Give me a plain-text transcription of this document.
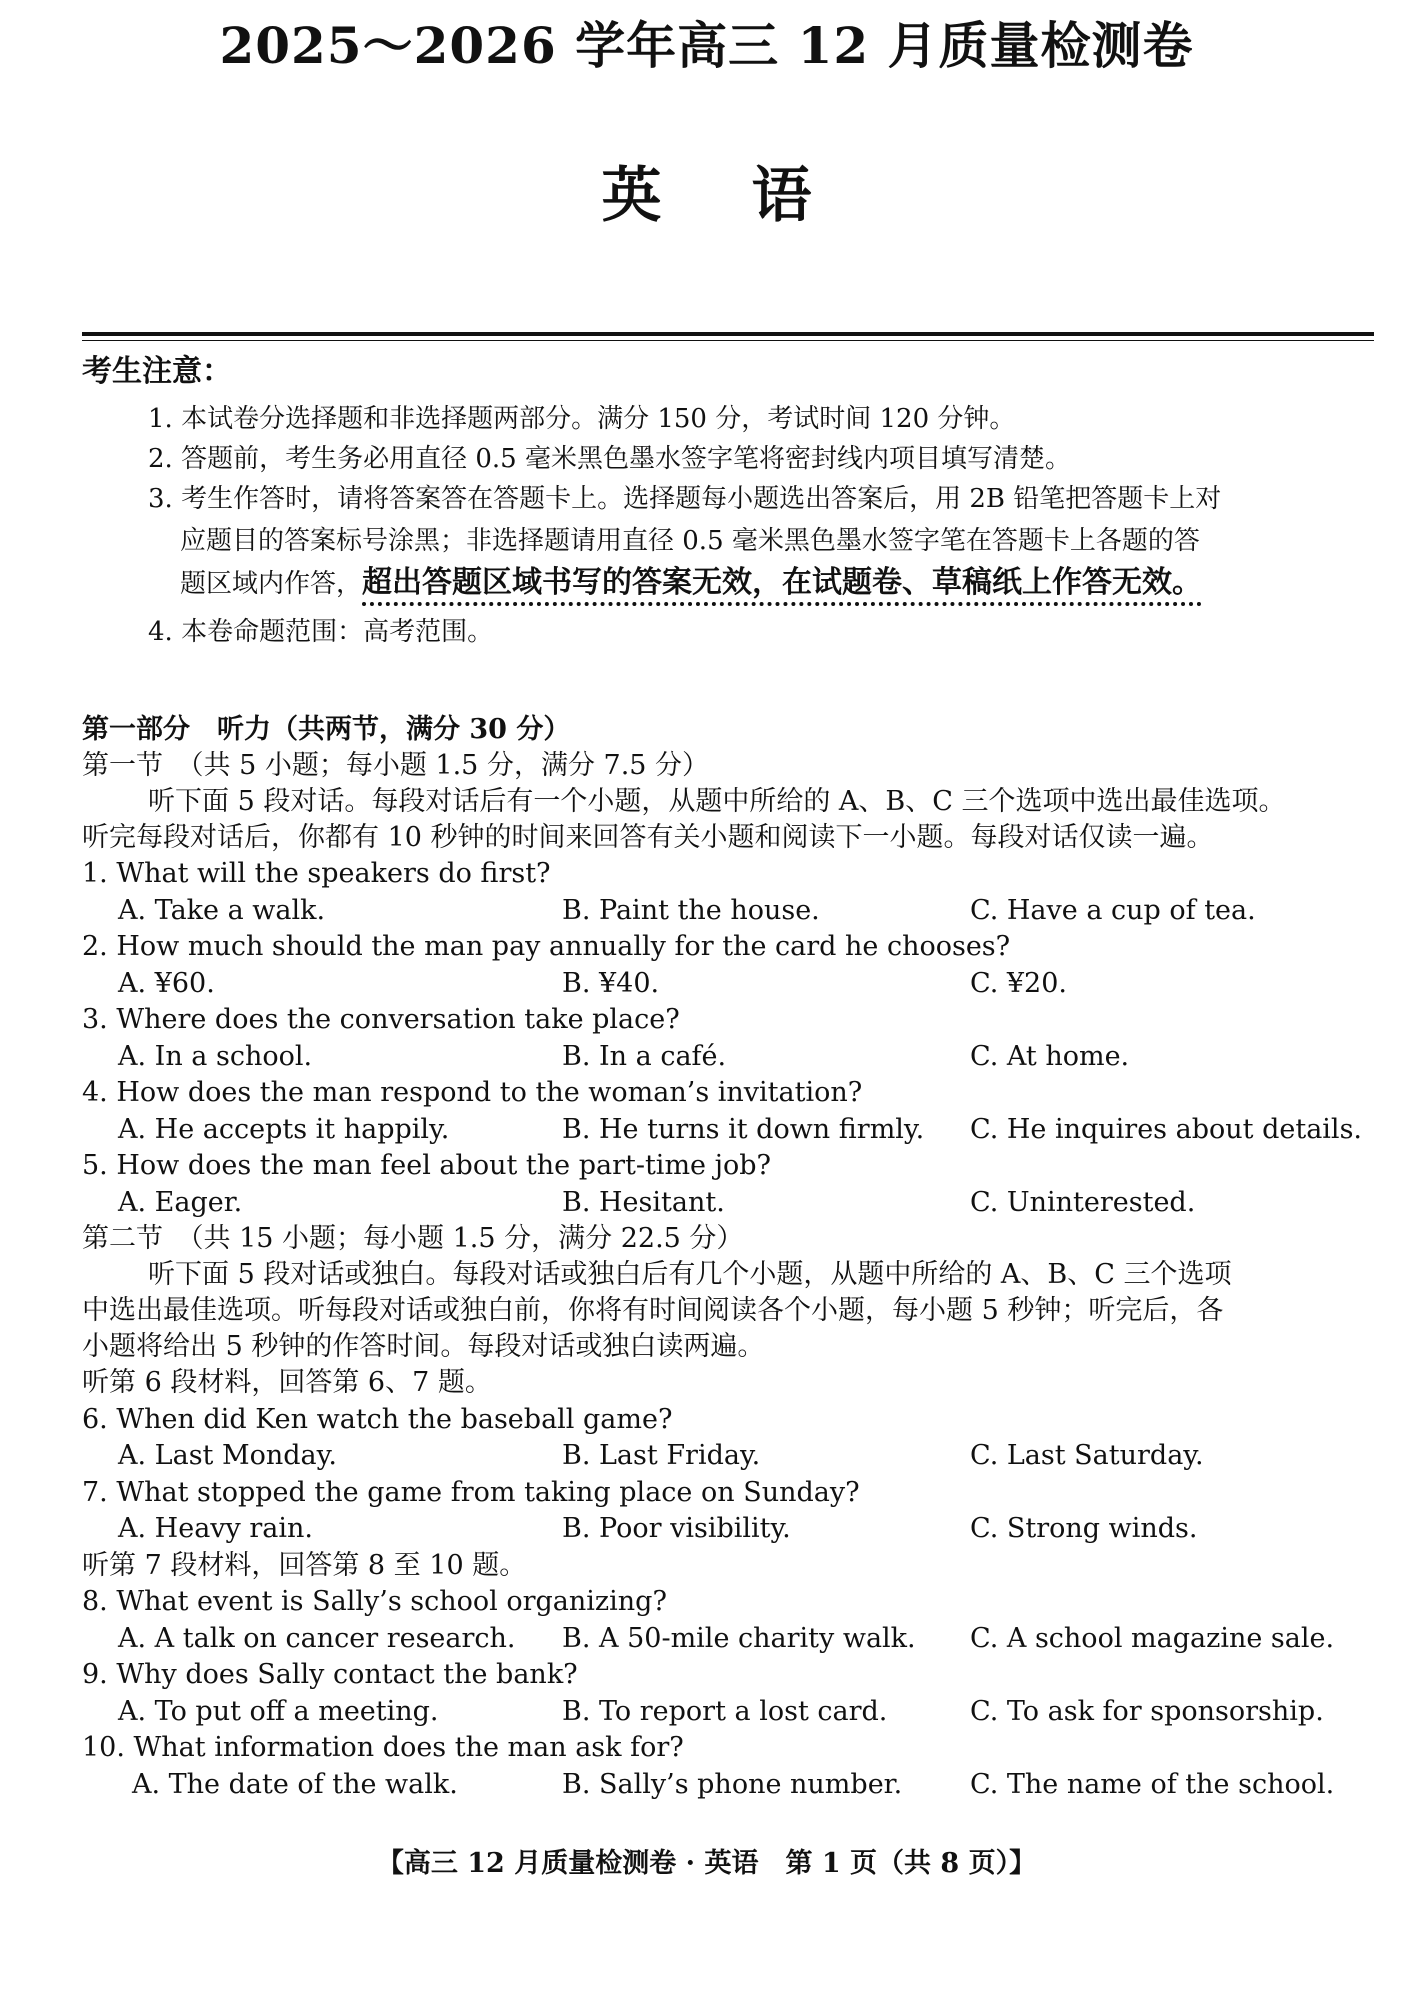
2025～2026 学年高三 12 月质量检测卷
英语
考生注意：
1. 本试卷分选择题和非选择题两部分。满分 150 分，考试时间 120 分钟。
2. 答题前，考生务必用直径 0.5 毫米黑色墨水签字笔将密封线内项目填写清楚。
3. 考生作答时，请将答案答在答题卡上。选择题每小题选出答案后，用 2B 铅笔把答题卡上对
应题目的答案标号涂黑；非选择题请用直径 0.5 毫米黑色墨水签字笔在答题卡上各题的答
题区域内作答，超出答题区域书写的答案无效，在试题卷、草稿纸上作答无效。
4. 本卷命题范围：高考范围。
第一部分　听力（共两节，满分 30 分）
第一节　（共 5 小题；每小题 1.5 分，满分 7.5 分）
听下面 5 段对话。每段对话后有一个小题，从题中所给的 A、B、C 三个选项中选出最佳选项。
听完每段对话后，你都有 10 秒钟的时间来回答有关小题和阅读下一小题。每段对话仅读一遍。
1. What will the speakers do first?
A. Take a walk.	B. Paint the house.	C. Have a cup of tea.
2. How much should the man pay annually for the card he chooses?
A. ¥60.	B. ¥40.	C. ¥20.
3. Where does the conversation take place?
A. In a school.	B. In a café.	C. At home.
4. How does the man respond to the woman’s invitation?
A. He accepts it happily.	B. He turns it down firmly. C. He inquires about details.
5. How does the man feel about the part-time job?
A. Eager.	B. Hesitant.	C. Uninterested.
第二节　（共 15 小题；每小题 1.5 分，满分 22.5 分）
听下面 5 段对话或独白。每段对话或独白后有几个小题，从题中所给的 A、B、C 三个选项
中选出最佳选项。听每段对话或独白前，你将有时间阅读各个小题，每小题 5 秒钟；听完后，各
小题将给出 5 秒钟的作答时间。每段对话或独白读两遍。
听第 6 段材料，回答第 6、7 题。
6. When did Ken watch the baseball game?
A. Last Monday.	B. Last Friday.	C. Last Saturday.
7. What stopped the game from taking place on Sunday?
A. Heavy rain.	B. Poor visibility.	C. Strong winds.
听第 7 段材料，回答第 8 至 10 题。
8. What event is Sally’s school organizing?
A. A talk on cancer research. B. A 50-mile charity walk. C. A school magazine sale.
9. Why does Sally contact the bank?
A. To put off a meeting.	B. To report a lost card.	C. To ask for sponsorship.
10. What information does the man ask for?
A. The date of the walk.	B. Sally’s phone number.	C. The name of the school.
【高三 12 月质量检测卷 · 英语　第 1 页（共 8 页）】
